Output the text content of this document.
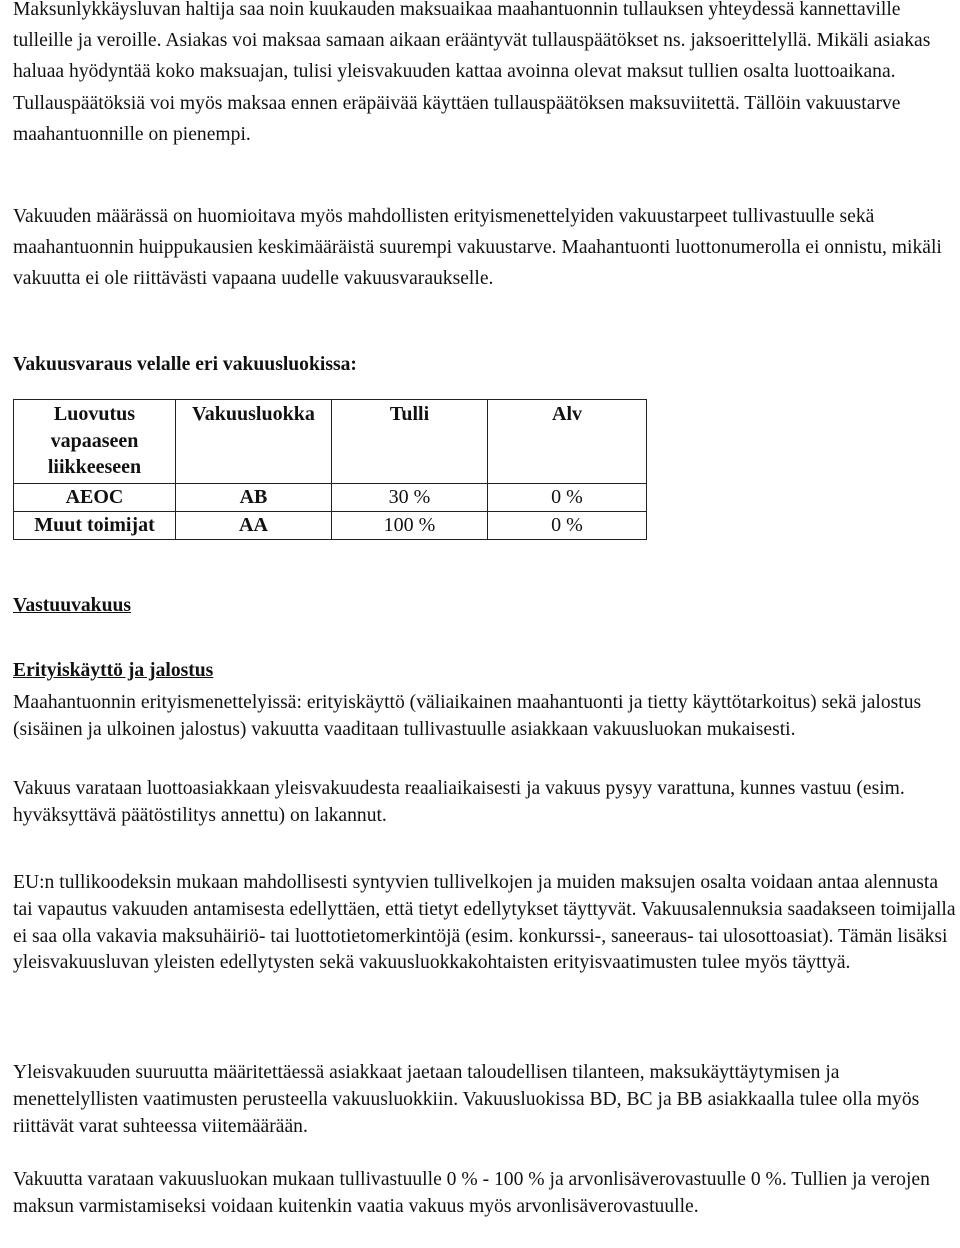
Maksunlykkäysluvan haltija saa noin kuukauden maksuaikaa maahantuonnin tullauksen yhteydessä kannettaville tulleille ja veroille. Asiakas voi maksaa samaan aikaan erääntyvät tullauspäätökset ns. jaksoerittelyllä. Mikäli asiakas haluaa hyödyntää koko maksuajan, tulisi yleisvakuuden kattaa avoinna olevat maksut tullien osalta luottoaikana. Tullauspäätöksiä voi myös maksaa ennen eräpäivää käyttäen tullauspäätöksen maksuviitettä. Tällöin vakuustarve maahantuonnille on pienempi.

Vakuuden määrässä on huomioitava myös mahdollisten erityismenettelyiden vakuustarpeet tullivastuulle sekä maahantuonnin huippukausien keskimääräistä suurempi vakuustarve. Maahantuonti luottonumerolla ei onnistu, mikäli vakuutta ei ole riittävästi vapaana uudelle vakuusvaraukselle.

Vakuusvaraus velalle eri vakuusluokissa:

Luovutus vapaaseen liikkeeseen	Vakuusluokka	Tulli	Alv
AEOC	AB	30 %	0 %
Muut toimijat	AA	100 %	0 %

Vastuuvakuus

Erityiskäyttö ja jalostus

Maahantuonnin erityismenettelyissä: erityiskäyttö (väliaikainen maahantuonti ja tietty käyttötarkoitus) sekä jalostus (sisäinen ja ulkoinen jalostus) vakuutta vaaditaan tullivastuulle asiakkaan vakuusluokan mukaisesti.

Vakuus varataan luottoasiakkaan yleisvakuudesta reaaliaikaisesti ja vakuus pysyy varattuna, kunnes vastuu (esim. hyväksyttävä päätöstilitys annettu) on lakannut.

EU:n tullikoodeksin mukaan mahdollisesti syntyvien tullivelkojen ja muiden maksujen osalta voidaan antaa alennusta tai vapautus vakuuden antamisesta edellyttäen, että tietyt edellytykset täyttyvät. Vakuusalennuksia saadakseen toimijalla ei saa olla vakavia maksuhäiriö- tai luottotietomerkintöjä (esim. konkurssi-, saneeraus- tai ulosottoasiat). Tämän lisäksi yleisvakuusluvan yleisten edellytysten sekä vakuusluokkakohtaisten erityisvaatimusten tulee myös täyttyä.

Yleisvakuuden suuruutta määritettäessä asiakkaat jaetaan taloudellisen tilanteen, maksukäyttäytymisen ja menettelyllisten vaatimusten perusteella vakuusluokkiin. Vakuusluokissa BD, BC ja BB asiakkaalla tulee olla myös riittävät varat suhteessa viitemäärään.

Vakuutta varataan vakuusluokan mukaan tullivastuulle 0 % - 100 % ja arvonlisäverovastuulle 0 %. Tullien ja verojen maksun varmistamiseksi voidaan kuitenkin vaatia vakuus myös arvonlisäverovastuulle.
